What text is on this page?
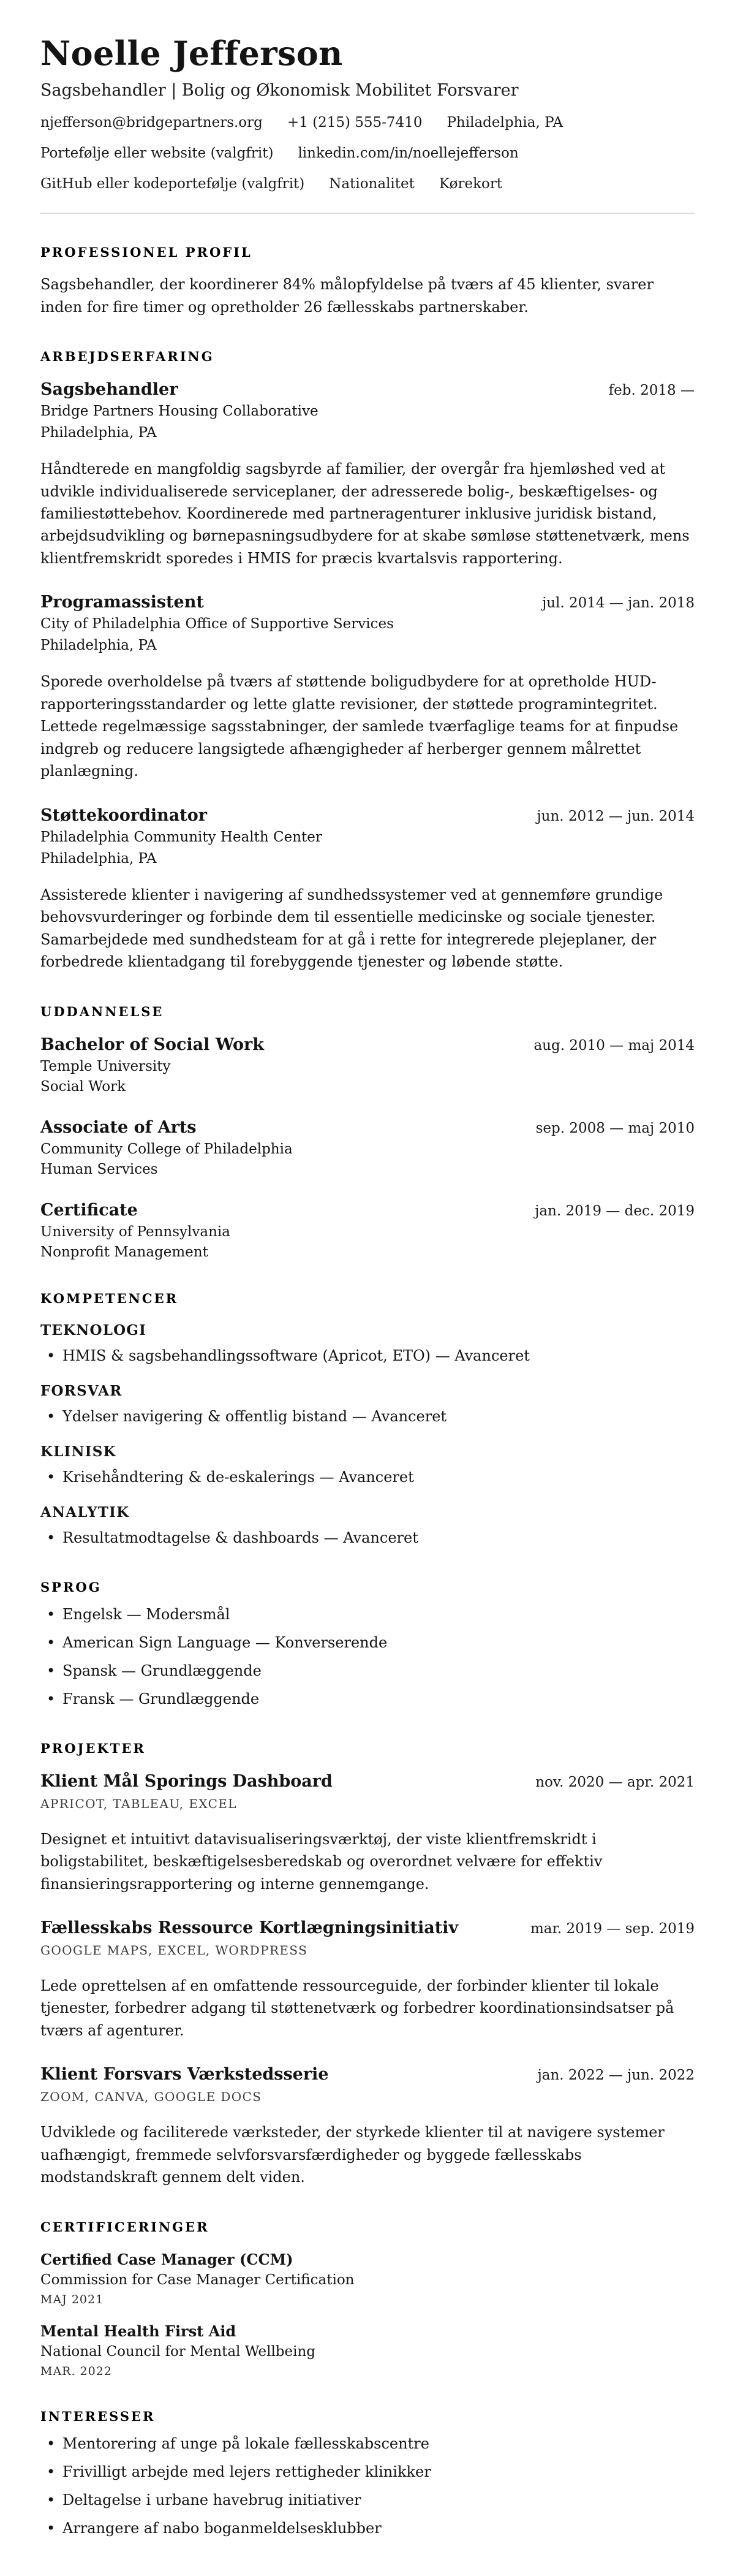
Noelle Jefferson
Sagsbehandler | Bolig og Økonomisk Mobilitet Forsvarer
njefferson@bridgepartners.org +1 (215) 555-7410 Philadelphia, PA
Portefølje eller website (valgfrit) linkedin.com/in/noellejefferson
GitHub eller kodeportefølje (valgfrit) Nationalitet Kørekort
PROFESSIONEL PROFIL

Sagsbehandler, der koordinerer 84% målopfyldelse på tværs af 45 klienter, svarer inden for fire timer og opretholder 26 fællesskabs partnerskaber.

ARBEJDSERFARING
Sagsbehandler	feb. 2018 —
Bridge Partners Housing Collaborative
Philadelphia, PA

Håndterede en mangfoldig sagsbyrde af familier, der overgår fra hjemløshed ved at udvikle individualiserede serviceplaner, der adresserede bolig-, beskæftigelses- og familiestøttebehov. Koordinerede med partneragenturer inklusive juridisk bistand, arbejdsudvikling og børnepasningsudbydere for at skabe sømløse støttenetværk, mens klientfremskridt sporedes i HMIS for præcis kvartalsvis rapportering.

Programassistent	jul. 2014 — jan. 2018
City of Philadelphia Office of Supportive Services
Philadelphia, PA

Sporede overholdelse på tværs af støttende boligudbydere for at opretholde HUD-rapporteringsstandarder og lette glatte revisioner, der støttede programintegritet. Lettede regelmæssige sagsstabninger, der samlede tværfaglige teams for at finpudse indgreb og reducere langsigtede afhængigheder af herberger gennem målrettet planlægning.

Støttekoordinator	jun. 2012 — jun. 2014
Philadelphia Community Health Center
Philadelphia, PA

Assisterede klienter i navigering af sundhedssystemer ved at gennemføre grundige behovsvurderinger og forbinde dem til essentielle medicinske og sociale tjenester. Samarbejdede med sundhedsteam for at gå i rette for integrerede plejeplaner, der forbedrede klientadgang til forebyggende tjenester og løbende støtte.

UDDANNELSE
Bachelor of Social Work	aug. 2010 — maj 2014
Temple University
Social Work
Associate of Arts	sep. 2008 — maj 2010
Community College of Philadelphia
Human Services
Certificate	jan. 2019 — dec. 2019
University of Pennsylvania
Nonprofit Management
KOMPETENCER
TEKNOLOGI
• HMIS & sagsbehandlingssoftware (Apricot, ETO) — Avanceret
FORSVAR
• Ydelser navigering & offentlig bistand — Avanceret
KLINISK
• Krisehåndtering & de-eskalerings — Avanceret
ANALYTIK
• Resultatmodtagelse & dashboards — Avanceret
SPROG
• Engelsk — Modersmål
• American Sign Language — Konverserende
• Spansk — Grundlæggende
• Fransk — Grundlæggende
PROJEKTER
Klient Mål Sporings Dashboard	nov. 2020 — apr. 2021
APRICOT, TABLEAU, EXCEL

Designet et intuitivt datavisualiseringsværktøj, der viste klientfremskridt i boligstabilitet, beskæftigelsesberedskab og overordnet velvære for effektiv finansieringsrapportering og interne gennemgange.

Fællesskabs Ressource Kortlægningsinitiativ	mar. 2019 — sep. 2019
GOOGLE MAPS, EXCEL, WORDPRESS

Lede oprettelsen af en omfattende ressourceguide, der forbinder klienter til lokale tjenester, forbedrer adgang til støttenetværk og forbedrer koordinationsindsatser på tværs af agenturer.

Klient Forsvars Værkstedsserie	jan. 2022 — jun. 2022
ZOOM, CANVA, GOOGLE DOCS

Udviklede og faciliterede værksteder, der styrkede klienter til at navigere systemer uafhængigt, fremmede selvforsvarsfærdigheder og byggede fællesskabs modstandskraft gennem delt viden.

CERTIFICERINGER
Certified Case Manager (CCM)
Commission for Case Manager Certification
MAJ 2021
Mental Health First Aid
National Council for Mental Wellbeing
MAR. 2022
INTERESSER
• Mentorering af unge på lokale fællesskabscentre
• Frivilligt arbejde med lejers rettigheder klinikker
• Deltagelse i urbane havebrug initiativer
• Arrangere af nabo boganmeldelsesklubber
